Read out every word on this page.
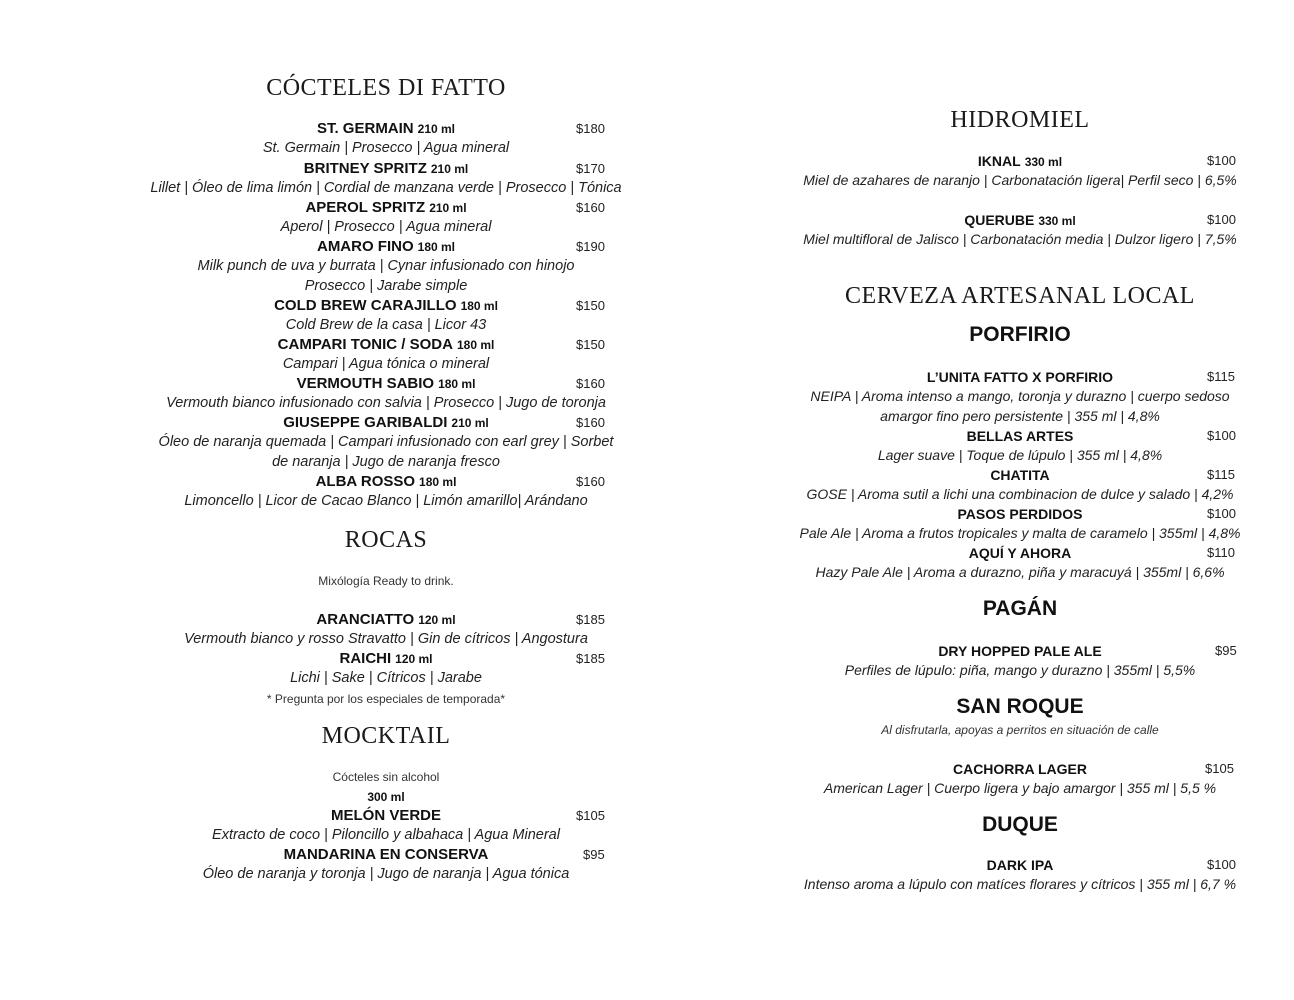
CÓCTELES DI FATTO
ST. GERMAIN 210 ml	$180
St. Germain | Prosecco | Agua mineral
BRITNEY SPRITZ 210 ml	$170
Lillet | Óleo de lima limón | Cordial de manzana verde | Prosecco | Tónica
APEROL SPRITZ 210 ml	$160
Aperol | Prosecco | Agua mineral
AMARO FINO 180 ml	$190
Milk punch de uva y burrata | Cynar infusionado con hinojo
Prosecco | Jarabe simple
COLD BREW CARAJILLO 180 ml	$150
Cold Brew de la casa | Licor 43
CAMPARI TONIC / SODA 180 ml	$150
Campari | Agua tónica o mineral
VERMOUTH SABIO 180 ml	$160
Vermouth bianco infusionado con salvia | Prosecco | Jugo de toronja
GIUSEPPE GARIBALDI 210 ml	$160
Óleo de naranja quemada | Campari infusionado con earl grey | Sorbet
de naranja | Jugo de naranja fresco
ALBA ROSSO 180 ml	$160
Limoncello | Licor de Cacao Blanco | Limón amarillo| Arándano
ROCAS
Mixólogía Ready to drink.
ARANCIATTO 120 ml	$185
Vermouth bianco y rosso Stravatto | Gin de cítricos | Angostura
RAICHI 120 ml	$185
Lichi | Sake | Cítricos | Jarabe
* Pregunta por los especiales de temporada*
MOCKTAIL
Cócteles sin alcohol
300 ml
MELÓN VERDE	$105
Extracto de coco | Piloncillo y albahaca | Agua Mineral
MANDARINA EN CONSERVA	$95
Óleo de naranja y toronja | Jugo de naranja | Agua tónica
HIDROMIEL
IKNAL 330 ml	$100
Miel de azahares de naranjo | Carbonatación ligera| Perfil seco | 6,5%
QUERUBE 330 ml	$100
Miel multifloral de Jalisco | Carbonatación media | Dulzor ligero | 7,5%
CERVEZA ARTESANAL LOCAL
PORFIRIO
L’UNITA FATTO X PORFIRIO	$115
NEIPA | Aroma intenso a mango, toronja y durazno | cuerpo sedoso
amargor fino pero persistente | 355 ml | 4,8%
BELLAS ARTES	$100
Lager suave | Toque de lúpulo | 355 ml | 4,8%
CHATITA	$115
GOSE | Aroma sutil a lichi una combinacion de dulce y salado | 4,2%
PASOS PERDIDOS	$100
Pale Ale | Aroma a frutos tropicales y malta de caramelo | 355ml | 4,8%
AQUÍ Y AHORA	$110
Hazy Pale Ale | Aroma a durazno, piña y maracuyá | 355ml | 6,6%
PAGÁN
DRY HOPPED PALE ALE	$95
Perfiles de lúpulo: piña, mango y durazno | 355ml | 5,5%
SAN ROQUE
Al disfrutarla, apoyas a perritos en situación de calle
CACHORRA LAGER	$105
American Lager | Cuerpo ligera y bajo amargor | 355 ml | 5,5 %
DUQUE
DARK IPA	$100
Intenso aroma a lúpulo con matíces florares y cítricos | 355 ml | 6,7 %
